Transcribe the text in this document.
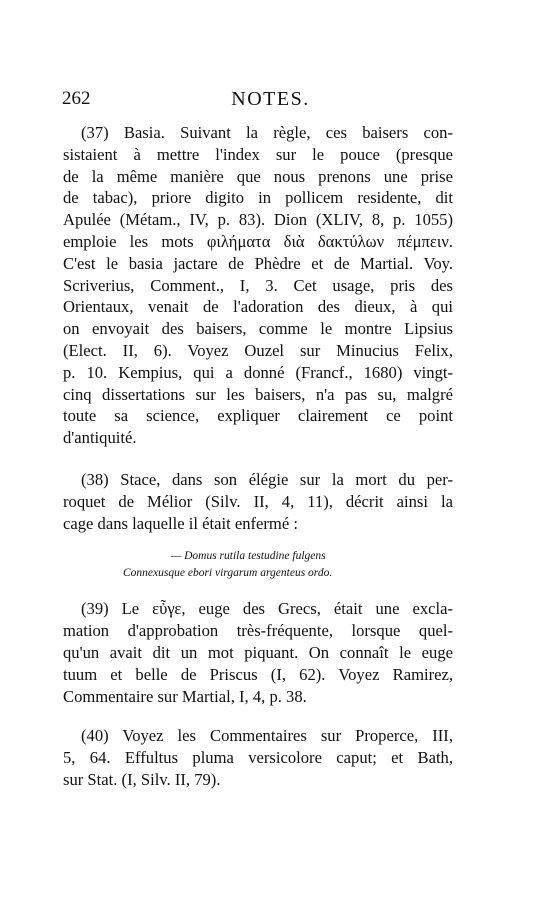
262	NOTES.
(37) Basia. Suivant la règle, ces baisers con-
sistaient à mettre l'index sur le pouce (presque
de la même manière que nous prenons une prise
de tabac), priore digito in pollicem residente, dit
Apulée (Métam., IV, p. 83). Dion (XLIV, 8, p. 1055)
emploie les mots φιλήματα διὰ δακτύλων πέμπειν.
C'est le basia jactare de Phèdre et de Martial. Voy.
Scriverius, Comment., I, 3. Cet usage, pris des
Orientaux, venait de l'adoration des dieux, à qui
on envoyait des baisers, comme le montre Lipsius
(Elect. II, 6). Voyez Ouzel sur Minucius Felix,
p. 10. Kempius, qui a donné (Francf., 1680) vingt-
cinq dissertations sur les baisers, n'a pas su, malgré
toute sa science, expliquer clairement ce point
d'antiquité.
(38) Stace, dans son élégie sur la mort du per-
roquet de Mélior (Silv. II, 4, 11), décrit ainsi la
cage dans laquelle il était enfermé :
— Domus rutila testudine fulgens
Connexusque ebori virgarum argenteus ordo.
(39) Le εὖγε, euge des Grecs, était une excla-
mation d'approbation très-fréquente, lorsque quel-
qu'un avait dit un mot piquant. On connaît le euge
tuum et belle de Priscus (I, 62). Voyez Ramirez,
Commentaire sur Martial, I, 4, p. 38.
(40) Voyez les Commentaires sur Properce, III,
5, 64. Effultus pluma versicolore caput; et Bath,
sur Stat. (I, Silv. II, 79).
